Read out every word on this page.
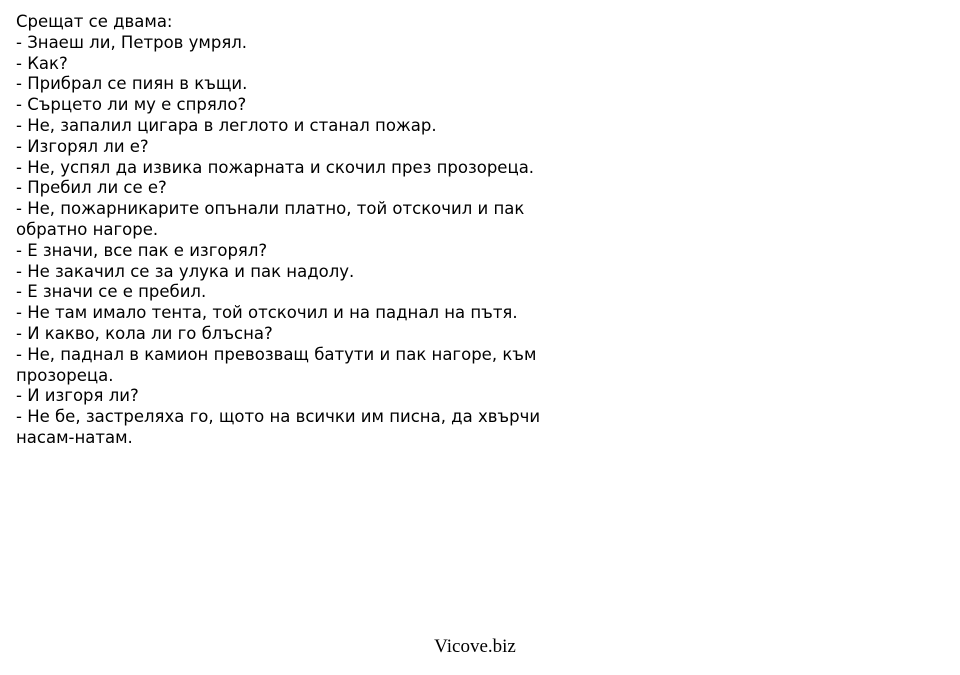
Срещат се двама:
- Знаеш ли, Петров умрял.
- Как?
- Прибрал се пиян в къщи.
- Сърцето ли му е спряло?
- Не, запалил цигара в леглото и станал пожар.
- Изгорял ли е?
- Не, успял да извика пожарната и скочил през прозореца.
- Пребил ли се е?
- Не, пожарникарите опънали платно, той отскочил и пак обратно нагоре.
- Е значи, все пак е изгорял?
- Не закачил се за улука и пак надолу.
- Е значи се е пребил.
- Не там имало тента, той отскочил и на паднал на пътя.
- И какво, кола ли го блъсна?
- Не, паднал в камион превозващ батути и пак нагоре, към прозореца.
- И изгоря ли?
- Не бе, застреляха го, щото на всички им писна, да хвърчи насам-натам.
Vicove.biz
